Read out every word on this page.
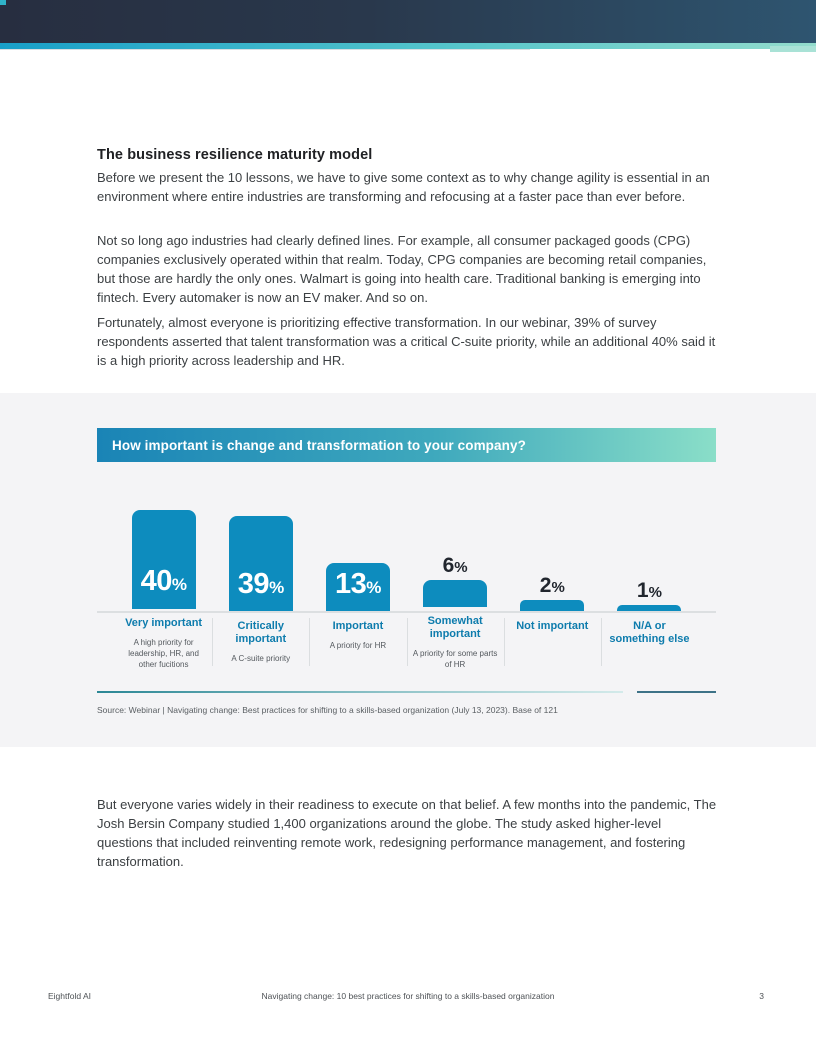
The business resilience maturity model
Before we present the 10 lessons, we have to give some context as to why change agility is essential in an environment where entire industries are transforming and refocusing at a faster pace than ever before.
Not so long ago industries had clearly defined lines. For example, all consumer packaged goods (CPG) companies exclusively operated within that realm. Today, CPG companies are becoming retail companies, but those are hardly the only ones. Walmart is going into health care. Traditional banking is emerging into fintech. Every automaker is now an EV maker. And so on.
Fortunately, almost everyone is prioritizing effective transformation. In our webinar, 39% of survey respondents asserted that talent transformation was a critical C-suite priority, while an additional 40% said it is a high priority across leadership and HR.
How important is change and transformation to your company?
40%
Very important
A high priority for leadership, HR, and other fucitions
39%
Critically important
A C-suite priority
13%
Important
A priority for HR
6%
Somewhat important
A priority for some parts of HR
2%
Not important
1%
N/A or something else
Source: Webinar | Navigating change: Best practices for shifting to a skills-based organization (July 13, 2023). Base of 121
But everyone varies widely in their readiness to execute on that belief. A few months into the pandemic, The Josh Bersin Company studied 1,400 organizations around the globe. The study asked higher-level questions that included reinventing remote work, redesigning performance management, and fostering transformation.
Eightfold AI	Navigating change: 10 best practices for shifting to a skills-based organization	3
